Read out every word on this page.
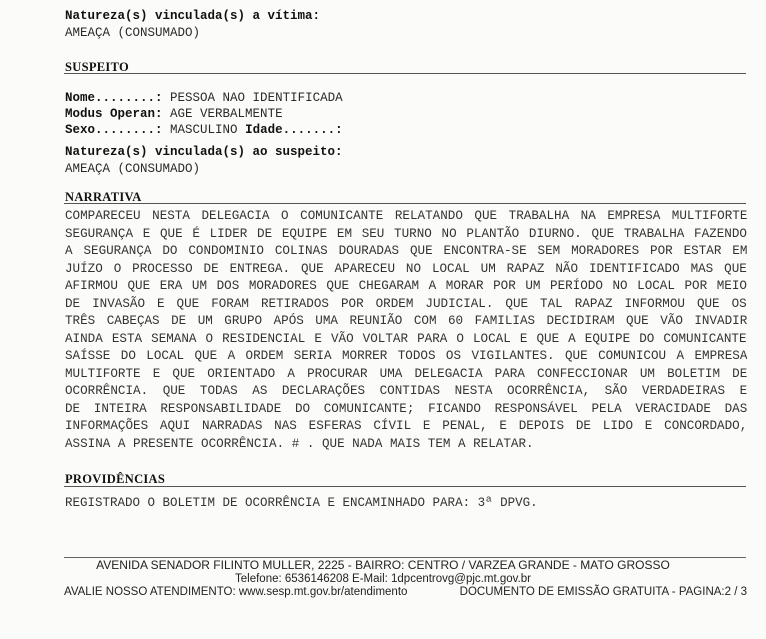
Natureza(s) vinculada(s) a vítima:
AMEAÇA (CONSUMADO)
SUSPEITO
Nome........: PESSOA NAO IDENTIFICADA
Modus Operan: AGE VERBALMENTE
Sexo........: MASCULINO Idade.......:
Natureza(s) vinculada(s) ao suspeito:
AMEAÇA (CONSUMADO)
NARRATIVA
COMPARECEU NESTA DELEGACIA O COMUNICANTE RELATANDO QUE TRABALHA NA EMPRESA MULTIFORTE
SEGURANÇA E QUE É LIDER DE EQUIPE EM SEU TURNO NO PLANTÃO DIURNO. QUE TRABALHA FAZENDO
A SEGURANÇA DO CONDOMINIO COLINAS DOURADAS QUE ENCONTRA-SE SEM MORADORES POR ESTAR EM
JUÍZO O PROCESSO DE ENTREGA. QUE APARECEU NO LOCAL UM RAPAZ NÃO IDENTIFICADO MAS QUE
AFIRMOU QUE ERA UM DOS MORADORES QUE CHEGARAM A MORAR POR UM PERÍODO NO LOCAL POR MEIO
DE INVASÃO E QUE FORAM RETIRADOS POR ORDEM JUDICIAL. QUE TAL RAPAZ INFORMOU QUE OS
TRÊS CABEÇAS DE UM GRUPO APÓS UMA REUNIÃO COM 60 FAMILIAS DECIDIRAM QUE VÃO INVADIR
AINDA ESTA SEMANA O RESIDENCIAL E VÃO VOLTAR PARA O LOCAL E QUE A EQUIPE DO COMUNICANTE
SAÍSSE DO LOCAL QUE A ORDEM SERIA MORRER TODOS OS VIGILANTES. QUE COMUNICOU A EMPRESA
MULTIFORTE E QUE ORIENTADO A PROCURAR UMA DELEGACIA PARA CONFECCIONAR UM BOLETIM DE
OCORRÊNCIA. QUE TODAS AS DECLARAÇÕES CONTIDAS NESTA OCORRÊNCIA, SÃO VERDADEIRAS E
DE INTEIRA RESPONSABILIDADE DO COMUNICANTE; FICANDO RESPONSÁVEL PELA VERACIDADE DAS
INFORMAÇÕES AQUI NARRADAS NAS ESFERAS CÍVIL E PENAL, E DEPOIS DE LIDO E CONCORDADO,
ASSINA A PRESENTE OCORRÊNCIA. # . QUE NADA MAIS TEM A RELATAR.
PROVIDÊNCIAS
REGISTRADO O BOLETIM DE OCORRÊNCIA E ENCAMINHADO PARA: 3ª DPVG.
AVENIDA SENADOR FILINTO MULLER, 2225 - BAIRRO: CENTRO / VARZEA GRANDE - MATO GROSSO
Telefone: 6536146208 E-Mail: 1dpcentrovg@pjc.mt.gov.br
AVALIE NOSSO ATENDIMENTO: www.sesp.mt.gov.br/atendimento	DOCUMENTO DE EMISSÃO GRATUITA - PAGINA:2 / 3
